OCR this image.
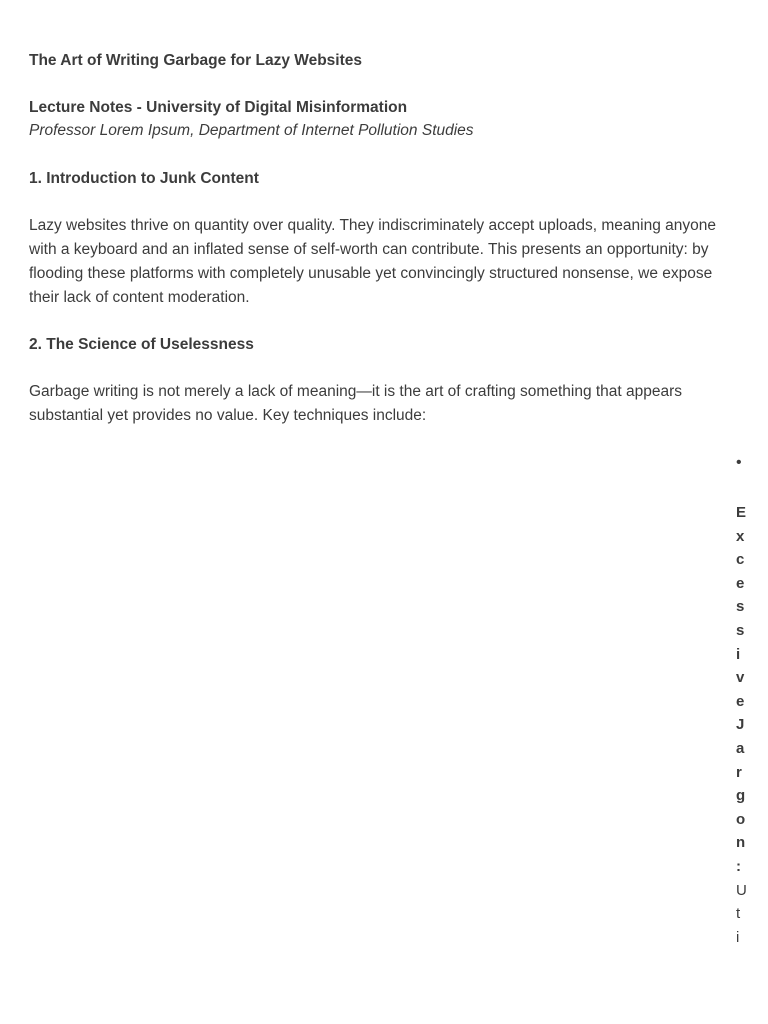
The Art of Writing Garbage for Lazy Websites
Lecture Notes - University of Digital Misinformation
Professor Lorem Ipsum, Department of Internet Pollution Studies
1. Introduction to Junk Content

Lazy websites thrive on quantity over quality. They indiscriminately accept uploads, meaning anyone with a keyboard and an inflated sense of self-worth can contribute. This presents an opportunity: by flooding these platforms with completely unusable yet convincingly structured nonsense, we expose their lack of content moderation.

2. The Science of Uselessness

Garbage writing is not merely a lack of meaning—it is the art of crafting something that appears substantial yet provides no value. Key techniques include:

•
E
x
c
e
s
s
i
v
e
J
a
r
g
o
n
:
U
t
i
